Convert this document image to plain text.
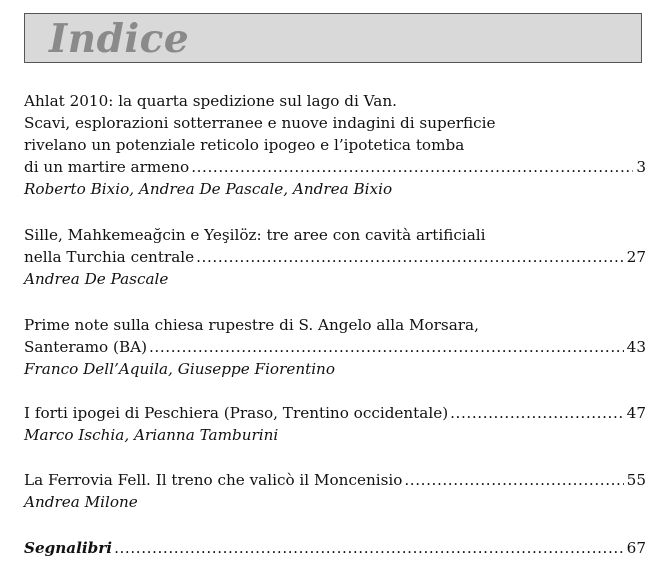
Indice
Ahlat 2010: la quarta spedizione sul lago di Van.
Scavi, esplorazioni sotterranee e nuove indagini di superficie
rivelano un potenziale reticolo ipogeo e l’ipotetica tomba
di un martire armeno .....	3
Roberto Bixio, Andrea De Pascale, Andrea Bixio
Sille, Mahkemeağcin e Yeşilöz: tre aree con cavità artificiali
nella Turchia centrale .....	27
Andrea De Pascale
Prime note sulla chiesa rupestre di S. Angelo alla Morsara,
Santeramo (BA) .....	43
Franco Dell’Aquila, Giuseppe Fiorentino
I forti ipogei di Peschiera (Praso, Trentino occidentale) .....	47
Marco Ischia, Arianna Tamburini
La Ferrovia Fell. Il treno che valicò il Moncenisio .....	55
Andrea Milone
Segnalibri .....	67
